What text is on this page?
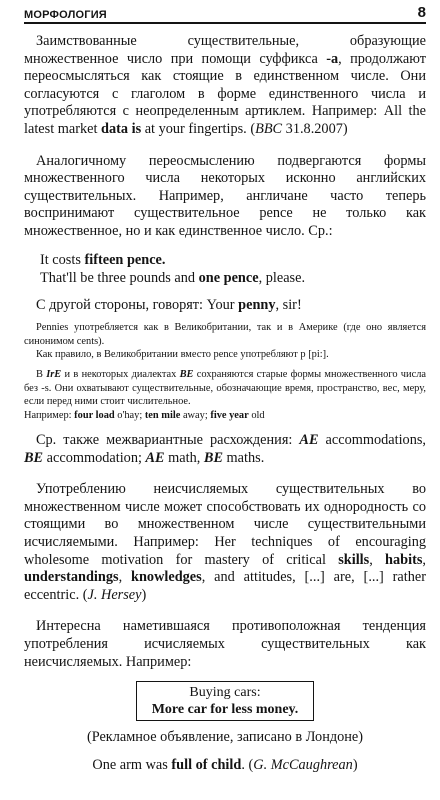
МОРФОЛОГИЯ	8

Заимствованные существительные, образующие множественное число при помощи суффикса -a, продолжают переосмысляться как стоящие в единственном числе. Они согласуются с глаголом в форме единственного числа и употребляются с неопределенным артиклем. Например: All the latest market data is at your fingertips. (BBC 31.8.2007)

Аналогичному переосмыслению подвергаются формы множественного числа некоторых исконно английских существительных. Например, англичане часто теперь воспринимают существительное pence не только как множественное, но и как единственное число. Ср.:

It costs fifteen pence.
That'll be three pounds and one pence, please.

С другой стороны, говорят: Your penny, sir!

Pennies употребляется как в Великобритании, так и в Америке (где оно является синонимом cents).
Как правило, в Великобритании вместо pence употребляют p [pi:].
В IrE и в некоторых диалектах BE сохраняются старые формы множественного числа без -s. Они охватывают существительные, обозначающие время, пространство, вес, меру, если перед ними стоит числительное.
Например: four load o'hay; ten mile away; five year old

Ср. также межвариантные расхождения: AE accommodations, BE accommodation; AE math, BE maths.

Употреблению неисчисляемых существительных во множественном числе может способствовать их однородность со стоящими во множественном числе существительными исчисляемыми. Например: Her techniques of encouraging wholesome motivation for mastery of critical skills, habits, understandings, knowledges, and attitudes, [...] are, [...] rather eccentric. (J. Hersey)

Интересна наметившаяся противоположная тенденция употребления исчисляемых существительных как неисчисляемых. Например:

Buying cars:
More car for less money.
(Рекламное объявление, записано в Лондоне)
One arm was full of child. (G. McCaughrean)
